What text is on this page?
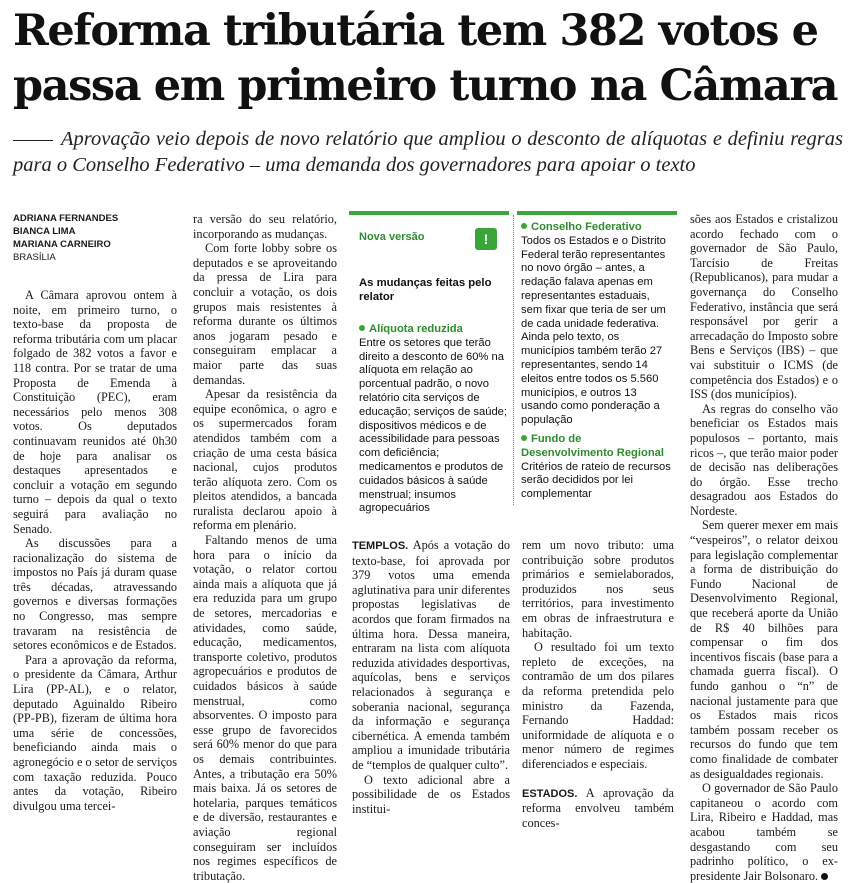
Reforma tributária tem 382 votos e
passa em primeiro turno na Câmara
Aprovação veio depois de novo relatório que ampliou o desconto de alíquotas e definiu regras para o Conselho Federativo – uma demanda dos governadores para apoiar o texto
ADRIANA FERNANDES
BIANCA LIMA
MARIANA CARNEIRO
BRASÍLIA

A Câmara aprovou ontem à noite, em primeiro turno, o texto-base da proposta de reforma tributária com um placar folgado de 382 votos a favor e 118 contra. Por se tratar de uma Proposta de Emenda à Constituição (PEC), eram necessários pelo menos 308 votos. Os deputados continuavam reunidos até 0h30 de hoje para analisar os destaques apresentados e concluir a votação em segundo turno – depois da qual o texto seguirá para avaliação no Senado.

As discussões para a racionalização do sistema de impostos no País já duram quase três décadas, atravessando governos e diversas formações no Congresso, mas sempre travaram na resistência de setores econômicos e de Estados.

Para a aprovação da reforma, o presidente da Câmara, Arthur Lira (PP-AL), e o relator, deputado Aguinaldo Ribeiro (PP-PB), fizeram de última hora uma série de concessões, beneficiando ainda mais o agronegócio e o setor de serviços com taxação reduzida. Pouco antes da votação, Ribeiro divulgou uma tercei-

ra versão do seu relatório, incorporando as mudanças.

Com forte lobby sobre os deputados e se aproveitando da pressa de Lira para concluir a votação, os dois grupos mais resistentes à reforma durante os últimos anos jogaram pesado e conseguiram emplacar a maior parte das suas demandas.

Apesar da resistência da equipe econômica, o agro e os supermercados foram atendidos também com a criação de uma cesta básica nacional, cujos produtos terão alíquota zero. Com os pleitos atendidos, a bancada ruralista declarou apoio à reforma em plenário.

Faltando menos de uma hora para o início da votação, o relator cortou ainda mais a alíquota que já era reduzida para um grupo de setores, mercadorias e atividades, como saúde, educação, medicamentos, transporte coletivo, produtos agropecuários e produtos de cuidados básicos à saúde menstrual, como absorventes. O imposto para esse grupo de favorecidos será 60% menor do que para os demais contribuintes. Antes, a tributação era 50% mais baixa. Já os setores de hotelaria, parques temáticos e de diversão, restaurantes e aviação regional conseguiram ser incluídos nos regimes específicos de tributação.

Nova versão	!
As mudanças feitas pelo relator
Alíquota reduzida
Entre os setores que terão direito a desconto de 60% na alíquota em relação ao porcentual padrão, o novo relatório cita serviços de educação; serviços de saúde; dispositivos médicos e de acessibilidade para pessoas com deficiência; medicamentos e produtos de cuidados básicos à saúde menstrual; insumos agropecuários
Conselho Federativo
Todos os Estados e o Distrito Federal terão representantes no novo órgão – antes, a redação falava apenas em representantes estaduais, sem fixar que teria de ser um de cada unidade federativa. Ainda pelo texto, os municípios também terão 27 representantes, sendo 14 eleitos entre todos os 5.560 municípios, e outros 13 usando como ponderação a população
Fundo de Desenvolvimento Regional
Critérios de rateio de recursos serão decididos por lei complementar

TEMPLOS. Após a votação do texto-base, foi aprovada por 379 votos uma emenda aglutinativa para unir diferentes propostas legislativas de acordos que foram firmados na última hora. Dessa maneira, entraram na lista com alíquota reduzida atividades desportivas, aquícolas, bens e serviços relacionados à segurança e soberania nacional, segurança da informação e segurança cibernética. A emenda também ampliou a imunidade tributária de “templos de qualquer culto”.

O texto adicional abre a possibilidade de os Estados institui-

rem um novo tributo: uma contribuição sobre produtos primários e semielaborados, produzidos nos seus territórios, para investimento em obras de infraestrutura e habitação.

O resultado foi um texto repleto de exceções, na contramão de um dos pilares da reforma pretendida pelo ministro da Fazenda, Fernando Haddad: uniformidade de alíquota e o menor número de regimes diferenciados e especiais.

ESTADOS. A aprovação da reforma envolveu também conces-

sões aos Estados e cristalizou acordo fechado com o governador de São Paulo, Tarcísio de Freitas (Republicanos), para mudar a governança do Conselho Federativo, instância que será responsável por gerir a arrecadação do Imposto sobre Bens e Serviços (IBS) – que vai substituir o ICMS (de competência dos Estados) e o ISS (dos municípios).

As regras do conselho vão beneficiar os Estados mais populosos – portanto, mais ricos –, que terão maior poder de decisão nas deliberações do órgão. Esse trecho desagradou aos Estados do Nordeste.

Sem querer mexer em mais “vespeiros”, o relator deixou para legislação complementar a forma de distribuição do Fundo Nacional de Desenvolvimento Regional, que receberá aporte da União de R$ 40 bilhões para compensar o fim dos incentivos fiscais (base para a chamada guerra fiscal). O fundo ganhou o “n” de nacional justamente para que os Estados mais ricos também possam receber os recursos do fundo que tem como finalidade de combater as desigualdades regionais.

O governador de São Paulo capitaneou o acordo com Lira, Ribeiro e Haddad, mas acabou também se desgastando com seu padrinho político, o ex-presidente Jair Bolsonaro.
